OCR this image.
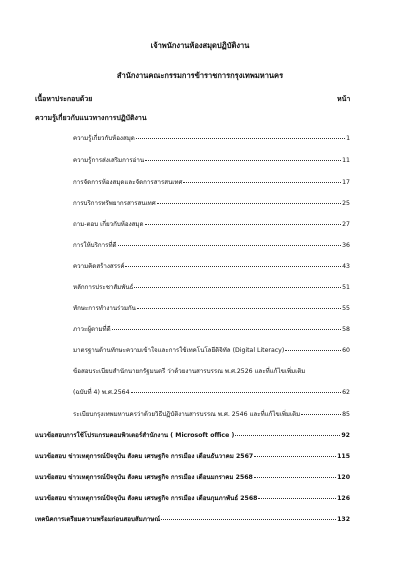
เจ้าพนักงานห้องสมุดปฏิบัติงาน
สำนักงานคณะกรรมการข้าราชการกรุงเทพมหานคร
เนื้อหาประกอบด้วย	หน้า
ความรู้เกี่ยวกับแนวทางการปฏิบัติงาน
ความรู้เกี่ยวกับห้องสมุด	1
ความรู้การส่งเสริมการอ่าน	11
การจัดการห้องสมุดและจัดการสารสนเทศ	17
การบริการทรัพยากรสารสนเทศ	25
ถาม-ตอบ เกี่ยวกับห้องสมุด	27
การให้บริการที่ดี	36
ความคิดสร้างสรรค์	43
หลักการประชาสัมพันธ์	51
ทักษะการทำงานร่วมกัน	55
ภาวะผู้ตามที่ดี	58
มาตรฐานด้านทักษะความเข้าใจและการใช้เทคโนโลยีดิจิทัล (Digital Literacy)	60
ข้อสอบระเบียบสำนักนายกรัฐมนตรี ว่าด้วยงานสารบรรณ พ.ศ.2526 และที่แก้ไขเพิ่มเติม
(ฉบับที่ 4) พ.ศ.2564	62
ระเบียบกรุงเทพมหานครว่าด้วยวิธีปฏิบัติงานสารบรรณ พ.ศ. 2546 และที่แก้ไขเพิ่มเติม	85
แนวข้อสอบการใช้โปรแกรมคอมพิวเตอร์สำนักงาน ( Microsoft office )	92
แนวข้อสอบ ข่าวเหตุการณ์ปัจจุบัน สังคม เศรษฐกิจ การเมือง เดือนธันวาคม 2567	115
แนวข้อสอบ ข่าวเหตุการณ์ปัจจุบัน สังคม เศรษฐกิจ การเมือง เดือนมกราคม 2568	120
แนวข้อสอบ ข่าวเหตุการณ์ปัจจุบัน สังคม เศรษฐกิจ การเมือง เดือนกุมภาพันธ์ 2568	126
เทคนิคการเตรียมความพร้อมก่อนสอบสัมภาษณ์	132
